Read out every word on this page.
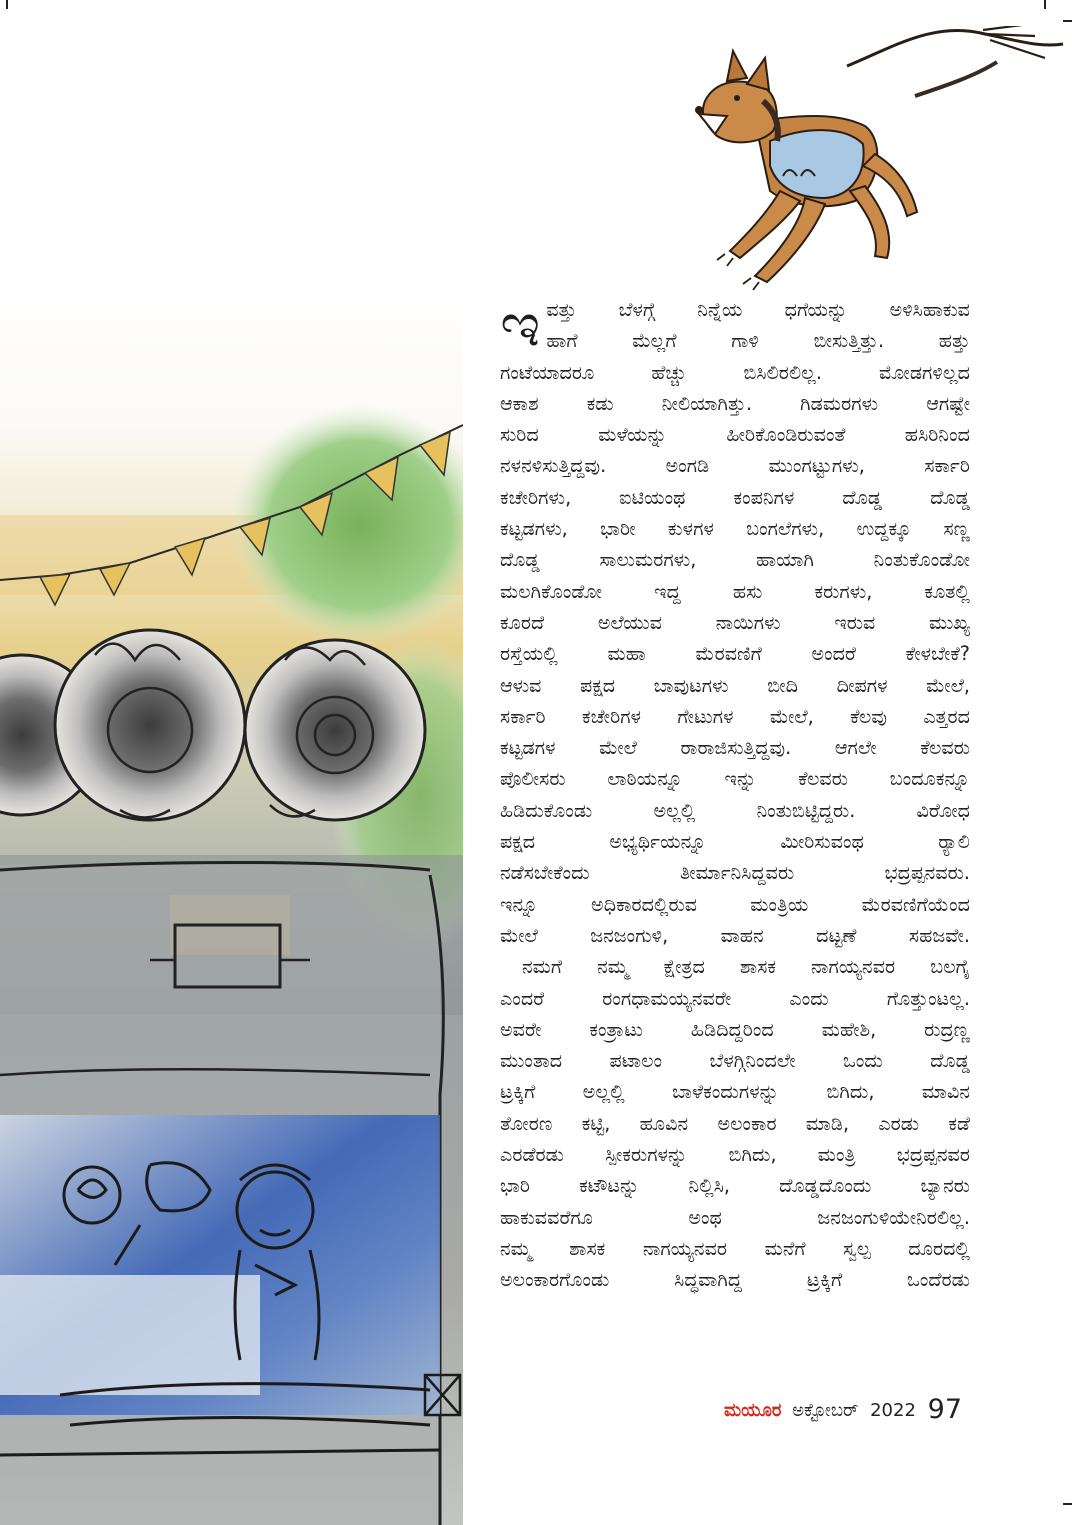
ಇ ವತ್ತು ಬೆಳಗ್ಗೆ ನಿನ್ನೆಯ ಧಗೆಯನ್ನು ಅಳಿಸಿಹಾಕುವ
ಹಾಗೆ ಮೆಲ್ಲಗೆ ಗಾಳಿ ಬೀಸುತ್ತಿತ್ತು. ಹತ್ತು
ಗಂಟೆಯಾದರೂ ಹೆಚ್ಚು ಬಿಸಿಲಿರಲಿಲ್ಲ. ಮೋಡಗಳಿಲ್ಲದ
ಆಕಾಶ ಕಡು ನೀಲಿಯಾಗಿತ್ತು. ಗಿಡಮರಗಳು ಆಗಷ್ಟೇ
ಸುರಿದ ಮಳೆಯನ್ನು ಹೀರಿಕೊಂಡಿರುವಂತೆ ಹಸಿರಿನಿಂದ
ನಳನಳಿಸುತ್ತಿದ್ದವು. ಅಂಗಡಿ ಮುಂಗಟ್ಟುಗಳು, ಸರ್ಕಾರಿ
ಕಚೇರಿಗಳು, ಐಟಿಯಂಥ ಕಂಪನಿಗಳ ದೊಡ್ಡ ದೊಡ್ಡ
ಕಟ್ಟಡಗಳು, ಭಾರೀ ಕುಳಗಳ ಬಂಗಲೆಗಳು, ಉದ್ದಕ್ಕೂ ಸಣ್ಣ
ದೊಡ್ಡ ಸಾಲುಮರಗಳು, ಹಾಯಾಗಿ ನಿಂತುಕೊಂಡೋ
ಮಲಗಿಕೊಂಡೋ ಇದ್ದ ಹಸು ಕರುಗಳು, ಕೂತಲ್ಲಿ
ಕೂರದೆ ಅಲೆಯುವ ನಾಯಿಗಳು ಇರುವ ಮುಖ್ಯ
ರಸ್ತೆಯಲ್ಲಿ ಮಹಾ ಮೆರವಣಿಗೆ ಅಂದರೆ ಕೇಳಬೇಕೆ?
ಆಳುವ ಪಕ್ಷದ ಬಾವುಟಗಳು ಬೀದಿ ದೀಪಗಳ ಮೇಲೆ,
ಸರ್ಕಾರಿ ಕಚೇರಿಗಳ ಗೇಟುಗಳ ಮೇಲೆ, ಕೆಲವು ಎತ್ತರದ
ಕಟ್ಟಡಗಳ ಮೇಲೆ ರಾರಾಜಿಸುತ್ತಿದ್ದವು. ಆಗಲೇ ಕೆಲವರು
ಪೊಲೀಸರು ಲಾಠಿಯನ್ನೂ ಇನ್ನು ಕೆಲವರು ಬಂದೂಕನ್ನೂ
ಹಿಡಿದುಕೊಂಡು ಅಲ್ಲಲ್ಲಿ ನಿಂತುಬಿಟ್ಟಿದ್ದರು. ವಿರೋಧ
ಪಕ್ಷದ ಅಭ್ಯರ್ಥಿಯನ್ನೂ ಮೀರಿಸುವಂಥ ರ್‍ಯಾಲಿ
ನಡೆಸಬೇಕೆಂದು ತೀರ್ಮಾನಿಸಿದ್ದವರು ಭದ್ರಪ್ಪನವರು.
ಇನ್ನೂ ಅಧಿಕಾರದಲ್ಲಿರುವ ಮಂತ್ರಿಯ ಮೆರವಣಿಗೆಯೆಂದ
ಮೇಲೆ ಜನಜಂಗುಳಿ, ವಾಹನ ದಟ್ಟಣೆ ಸಹಜವೇ.

ನಮಗೆ ನಮ್ಮ ಕ್ಷೇತ್ರದ ಶಾಸಕ ನಾಗಯ್ಯನವರ ಬಲಗೈ
ಎಂದರೆ ರಂಗಧಾಮಯ್ಯನವರೇ ಎಂದು ಗೊತ್ತುಂಟಲ್ಲ.
ಅವರೇ ಕಂತ್ರಾಟು ಹಿಡಿದಿದ್ದರಿಂದ ಮಹೇಶಿ, ರುದ್ರಣ್ಣ
ಮುಂತಾದ ಪಟಾಲಂ ಬೆಳಗ್ಗಿನಿಂದಲೇ ಒಂದು ದೊಡ್ಡ
ಟ್ರಕ್ಕಿಗೆ ಅಲ್ಲಲ್ಲಿ ಬಾಳೆಕಂದುಗಳನ್ನು ಬಿಗಿದು, ಮಾವಿನ
ತೋರಣ ಕಟ್ಟಿ, ಹೂವಿನ ಅಲಂಕಾರ ಮಾಡಿ, ಎರಡು ಕಡೆ
ಎರಡೆರಡು ಸ್ಪೀಕರುಗಳನ್ನು ಬಿಗಿದು, ಮಂತ್ರಿ ಭದ್ರಪ್ಪನವರ
ಭಾರಿ ಕಟೌಟನ್ನು ನಿಲ್ಲಿಸಿ, ದೊಡ್ಡದೊಂದು ಬ್ಯಾನರು
ಹಾಕುವವರೆಗೂ ಅಂಥ ಜನಜಂಗುಳಿಯೇನಿರಲಿಲ್ಲ.
ನಮ್ಮ ಶಾಸಕ ನಾಗಯ್ಯನವರ ಮನೆಗೆ ಸ್ವಲ್ಪ ದೂರದಲ್ಲಿ
ಅಲಂಕಾರಗೊಂಡು ಸಿದ್ಧವಾಗಿದ್ದ ಟ್ರಕ್ಕಿಗೆ ಒಂದೆರಡು

ಮಯೂರ ಅಕ್ಟೋಬರ್ 2022 97
